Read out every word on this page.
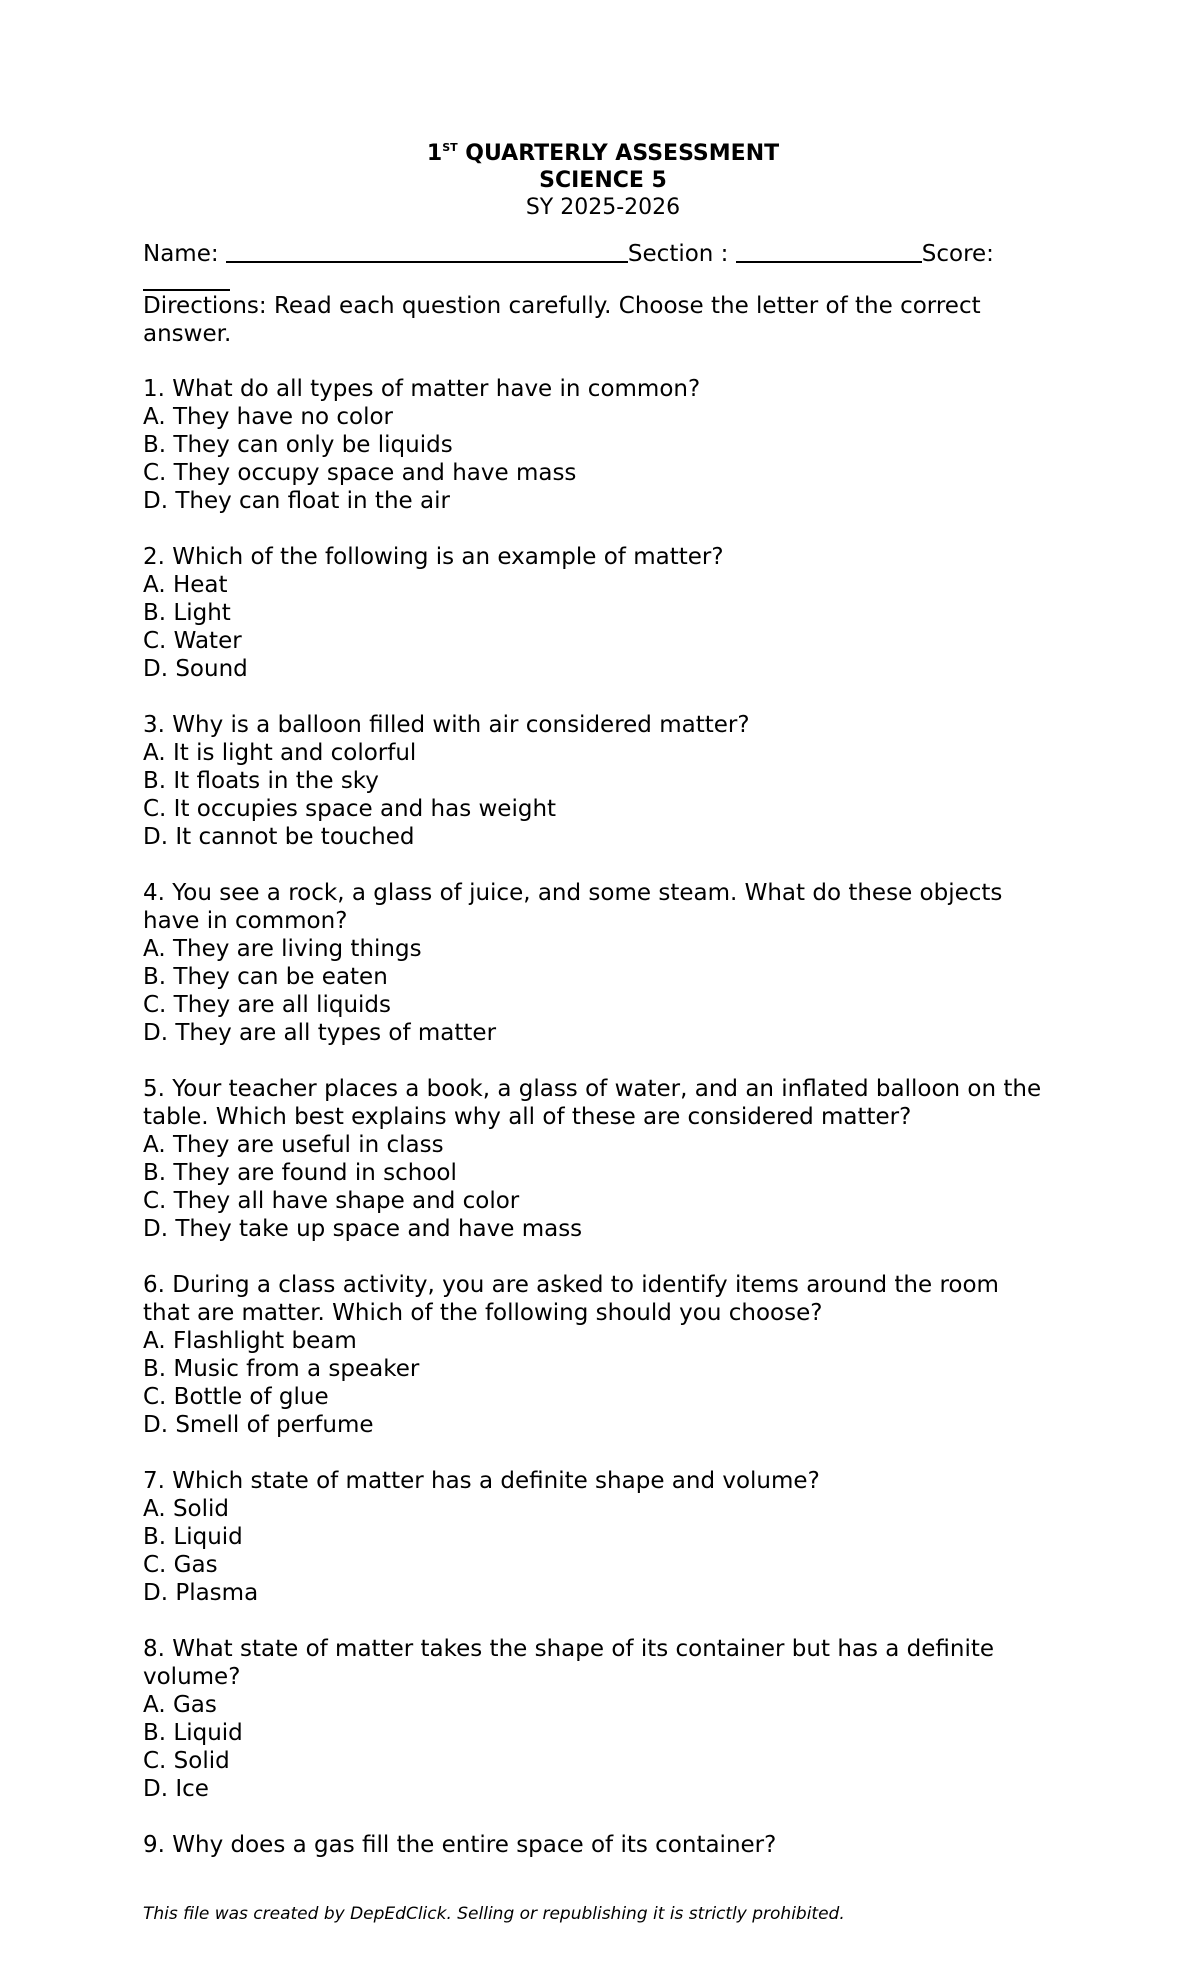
1ST QUARTERLY ASSESSMENT
SCIENCE 5
SY 2025-2026
Name:	Section :	Score:

Directions: Read each question carefully. Choose the letter of the correct answer.

1. What do all types of matter have in common?

A. They have no color

B. They can only be liquids

C. They occupy space and have mass

D. They can float in the air

2. Which of the following is an example of matter?

A. Heat

B. Light

C. Water

D. Sound

3. Why is a balloon filled with air considered matter?

A. It is light and colorful

B. It floats in the sky

C. It occupies space and has weight

D. It cannot be touched

4. You see a rock, a glass of juice, and some steam. What do these objects have in common?

A. They are living things

B. They can be eaten

C. They are all liquids

D. They are all types of matter

5. Your teacher places a book, a glass of water, and an inflated balloon on the table. Which best explains why all of these are considered matter?

A. They are useful in class

B. They are found in school

C. They all have shape and color

D. They take up space and have mass

6. During a class activity, you are asked to identify items around the room that are matter. Which of the following should you choose?

A. Flashlight beam

B. Music from a speaker

C. Bottle of glue

D. Smell of perfume

7. Which state of matter has a definite shape and volume?

A. Solid

B. Liquid

C. Gas

D. Plasma

8. What state of matter takes the shape of its container but has a definite volume?

A. Gas

B. Liquid

C. Solid

D. Ice

9. Why does a gas fill the entire space of its container?

This file was created by DepEdClick. Selling or republishing it is strictly prohibited.
